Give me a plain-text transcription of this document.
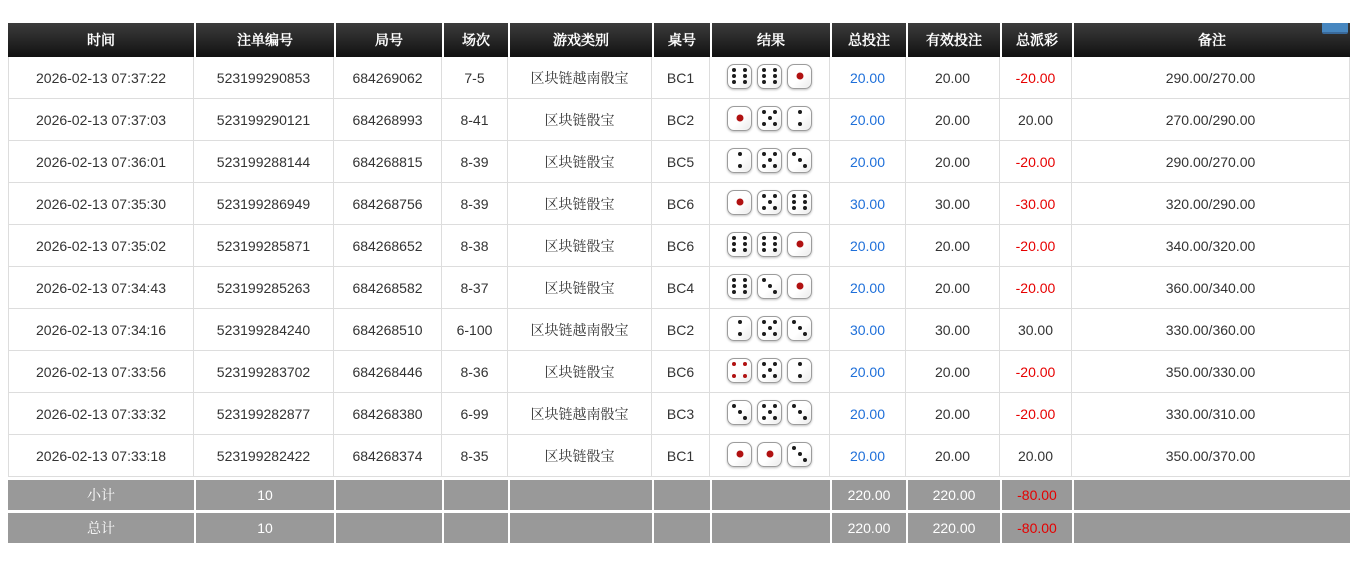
时间	注单编号	局号	场次	游戏类别	桌号	结果	总投注	有效投注	总派彩	备注
2026-02-13 07:37:22	523199290853	684269062	7-5	区块链越南骰宝	BC1		20.00	20.00	-20.00	290.00/270.00
2026-02-13 07:37:03	523199290121	684268993	8-41	区块链骰宝	BC2		20.00	20.00	20.00	270.00/290.00
2026-02-13 07:36:01	523199288144	684268815	8-39	区块链骰宝	BC5		20.00	20.00	-20.00	290.00/270.00
2026-02-13 07:35:30	523199286949	684268756	8-39	区块链骰宝	BC6		30.00	30.00	-30.00	320.00/290.00
2026-02-13 07:35:02	523199285871	684268652	8-38	区块链骰宝	BC6		20.00	20.00	-20.00	340.00/320.00
2026-02-13 07:34:43	523199285263	684268582	8-37	区块链骰宝	BC4		20.00	20.00	-20.00	360.00/340.00
2026-02-13 07:34:16	523199284240	684268510	6-100	区块链越南骰宝	BC2		30.00	30.00	30.00	330.00/360.00
2026-02-13 07:33:56	523199283702	684268446	8-36	区块链骰宝	BC6		20.00	20.00	-20.00	350.00/330.00
2026-02-13 07:33:32	523199282877	684268380	6-99	区块链越南骰宝	BC3		20.00	20.00	-20.00	330.00/310.00
2026-02-13 07:33:18	523199282422	684268374	8-35	区块链骰宝	BC1		20.00	20.00	20.00	350.00/370.00
小计	10						220.00	220.00	-80.00	
总计	10						220.00	220.00	-80.00	
